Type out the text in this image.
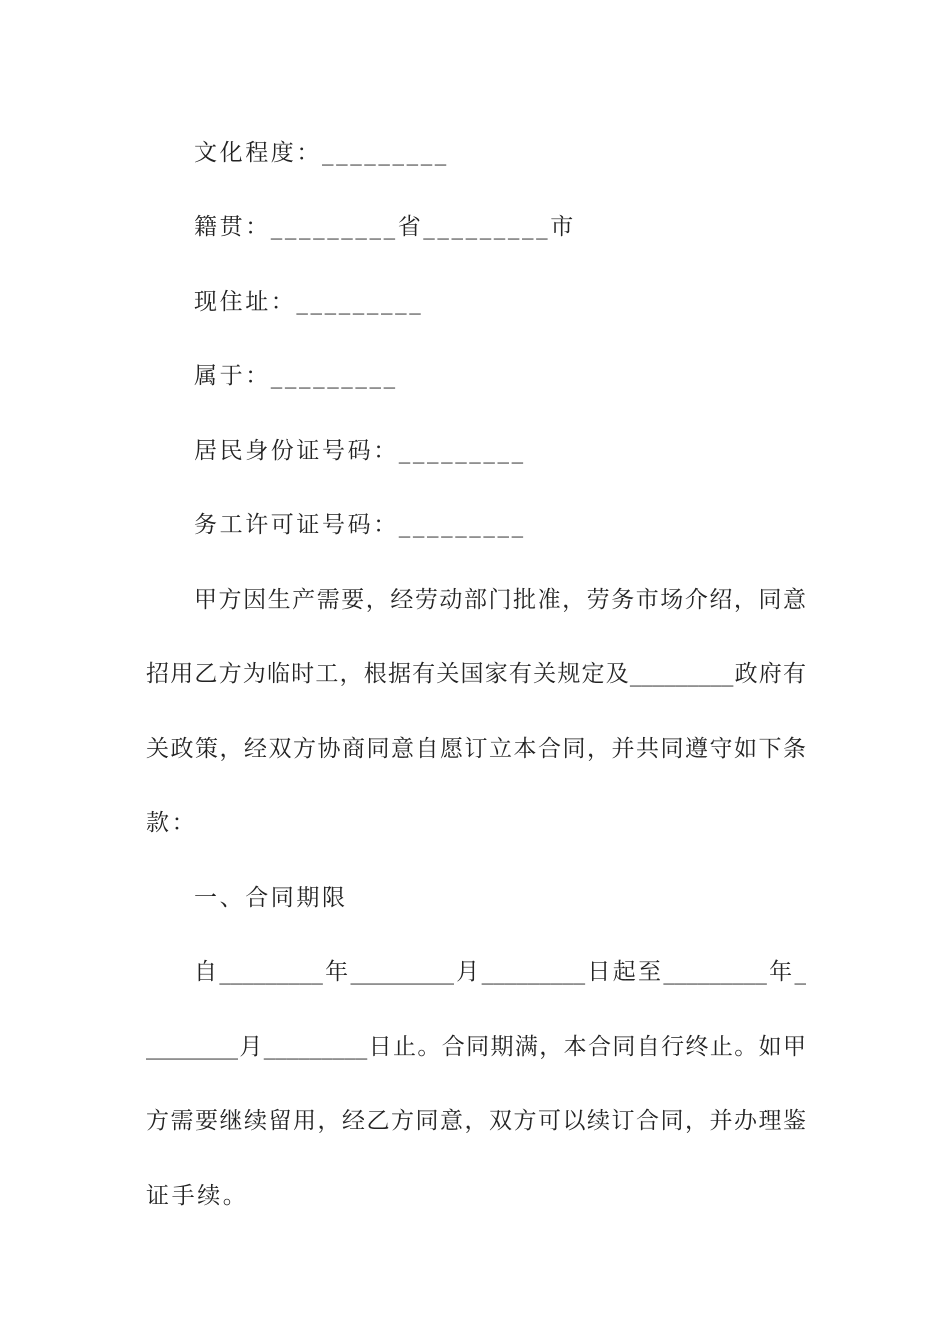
文化程度：_________
籍贯：_________省_________市
现住址：_________
属于：_________
居民身份证号码：_________
务工许可证号码：_________
甲方因生产需要，经劳动部门批准，劳务市场介绍，同意
招用乙方为临时工，根据有关国家有关规定及_________政府有
关政策，经双方协商同意自愿订立本合同，并共同遵守如下条
款：
一、合同期限
自_________年_________月_________日起至_________年_
________月_________日止。合同期满，本合同自行终止。如甲
方需要继续留用，经乙方同意，双方可以续订合同，并办理鉴
证手续。
